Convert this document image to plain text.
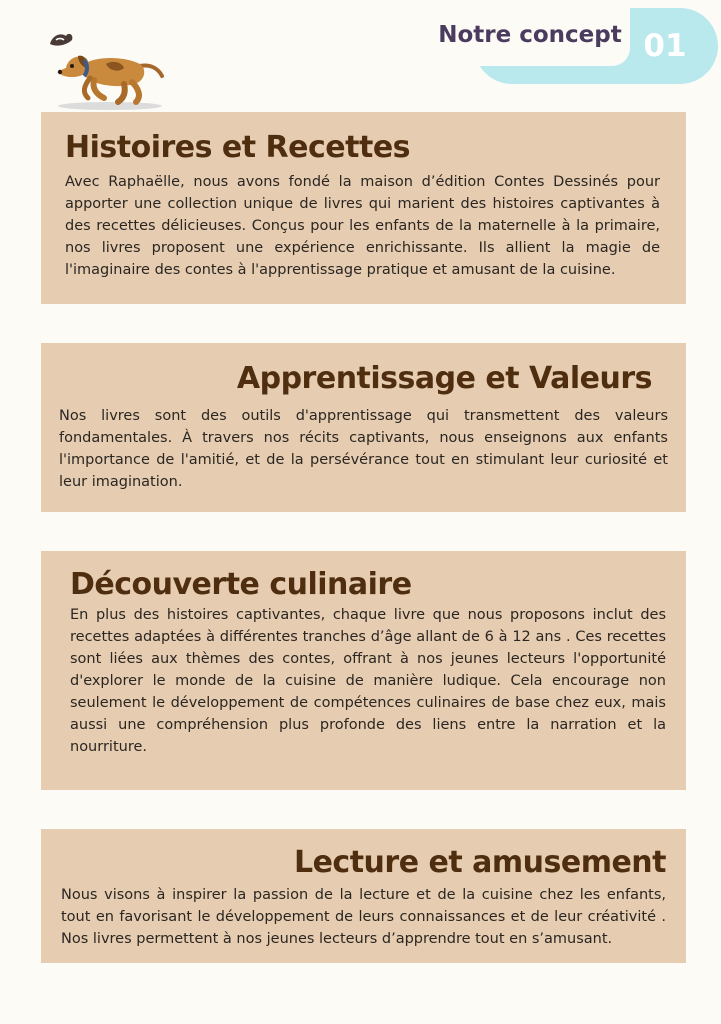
Notre concept 01
Histoires et Recettes

Avec Raphaëlle, nous avons fondé la maison d’édition Contes Dessinés pour apporter une collection unique de livres qui marient des histoires captivantes à des recettes délicieuses. Conçus pour les enfants de la maternelle à la primaire, nos livres proposent une expérience enrichissante. Ils allient la magie de l'imaginaire des contes à l'apprentissage pratique et amusant de la cuisine.

Apprentissage et Valeurs

Nos livres sont des outils d'apprentissage qui transmettent des valeurs fondamentales. À travers nos récits captivants, nous enseignons aux enfants l'importance de l'amitié, et de la persévérance tout en stimulant leur curiosité et leur imagination.

Découverte culinaire

En plus des histoires captivantes, chaque livre que nous proposons inclut des recettes adaptées à différentes tranches d’âge allant de 6 à 12 ans . Ces recettes sont liées aux thèmes des contes, offrant à nos jeunes lecteurs l'opportunité d'explorer le monde de la cuisine de manière ludique. Cela encourage non seulement le développement de compétences culinaires de base chez eux, mais aussi une compréhension plus profonde des liens entre la narration et la nourriture.

Lecture et amusement

Nous visons à inspirer la passion de la lecture et de la cuisine chez les enfants, tout en favorisant le développement de leurs connaissances et de leur créativité . Nos livres permettent à nos jeunes lecteurs d’apprendre tout en s’amusant.
